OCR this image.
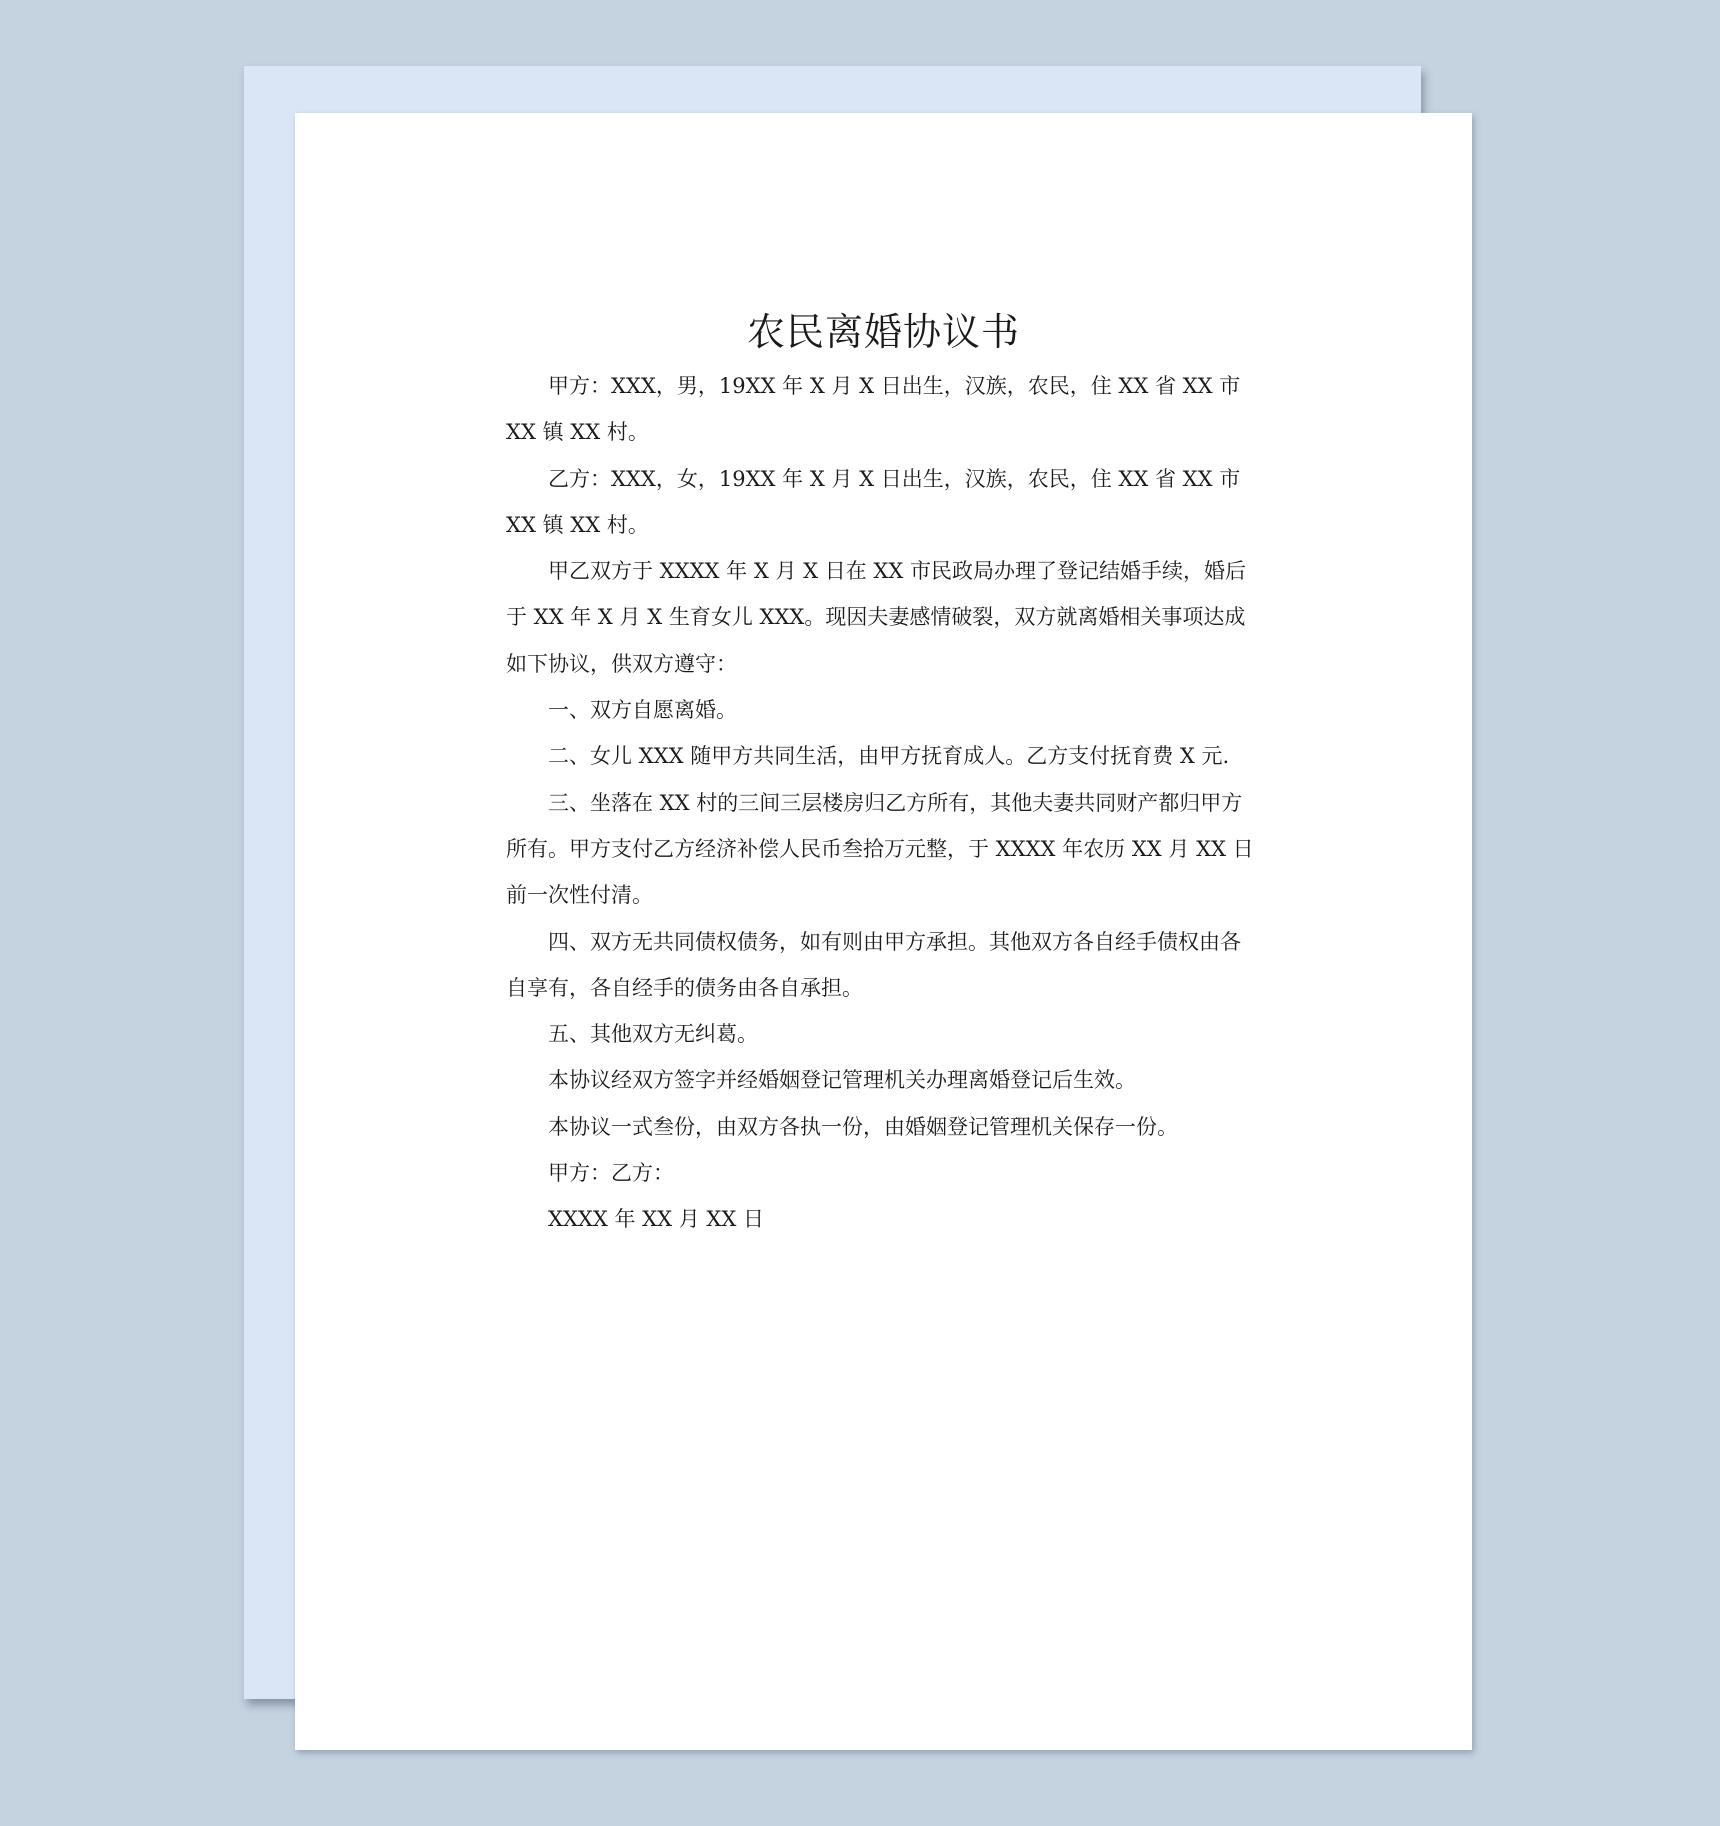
农民离婚协议书

甲方：XXX，男，19XX 年 X 月 X 日出生，汉族，农民，住 XX 省 XX 市 XX 镇 XX 村。

乙方：XXX，女，19XX 年 X 月 X 日出生，汉族，农民，住 XX 省 XX 市 XX 镇 XX 村。

甲乙双方于 XXXX 年 X 月 X 日在 XX 市民政局办理了登记结婚手续，婚后于 XX 年 X 月 X 生育女儿 XXX。现因夫妻感情破裂，双方就离婚相关事项达成如下协议，供双方遵守：

一、双方自愿离婚。

二、女儿 XXX 随甲方共同生活，由甲方抚育成人。乙方支付抚育费 X 元.

三、坐落在 XX 村的三间三层楼房归乙方所有，其他夫妻共同财产都归甲方所有。甲方支付乙方经济补偿人民币叁拾万元整，于 XXXX 年农历 XX 月 XX 日前一次性付清。

四、双方无共同债权债务，如有则由甲方承担。其他双方各自经手债权由各自享有，各自经手的债务由各自承担。

五、其他双方无纠葛。

本协议经双方签字并经婚姻登记管理机关办理离婚登记后生效。

本协议一式叁份，由双方各执一份，由婚姻登记管理机关保存一份。

甲方：乙方：

XXXX 年 XX 月 XX 日
